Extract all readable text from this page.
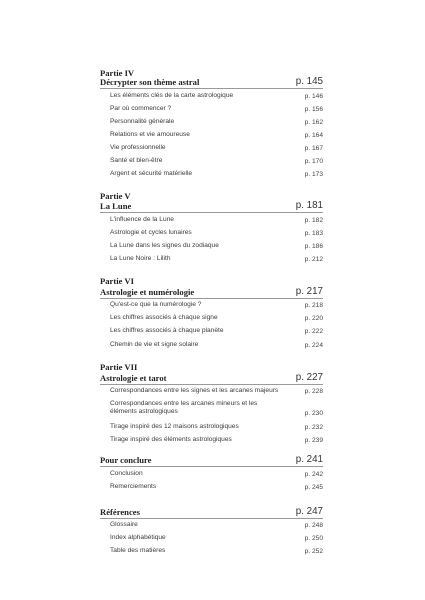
Partie IV
Décrypter son thème astral	p. 145
Les éléments clés de la carte astrologique	p. 146
Par où commencer ?	p. 156
Personnalité générale	p. 162
Relations et vie amoureuse	p. 164
Vie professionnelle	p. 167
Santé et bien-être	p. 170
Argent et sécurité matérielle	p. 173
Partie V
La Lune	p. 181
L'influence de la Lune	p. 182
Astrologie et cycles lunaires	p. 183
La Lune dans les signes du zodiaque	p. 186
La Lune Noire : Lilith	p. 212
Partie VI
Astrologie et numérologie	p. 217
Qu'est-ce que la numérologie ?	p. 218
Les chiffres associés à chaque signe	p. 220
Les chiffres associés à chaque planète	p. 222
Chemin de vie et signe solaire	p. 224
Partie VII
Astrologie et tarot	p. 227
Correspondances entre les signes et les arcanes majeurs	p. 228
Correspondances entre les arcanes mineurs et les éléments astrologiques	p. 230
Tirage inspiré des 12 maisons astrologiques	p. 232
Tirage inspiré des éléments astrologiques	p. 239
Pour conclure	p. 241
Conclusion	p. 242
Remerciements	p. 245
Références	p. 247
Glossaire	p. 248
Index alphabétique	p. 250
Table des matières	p. 252
